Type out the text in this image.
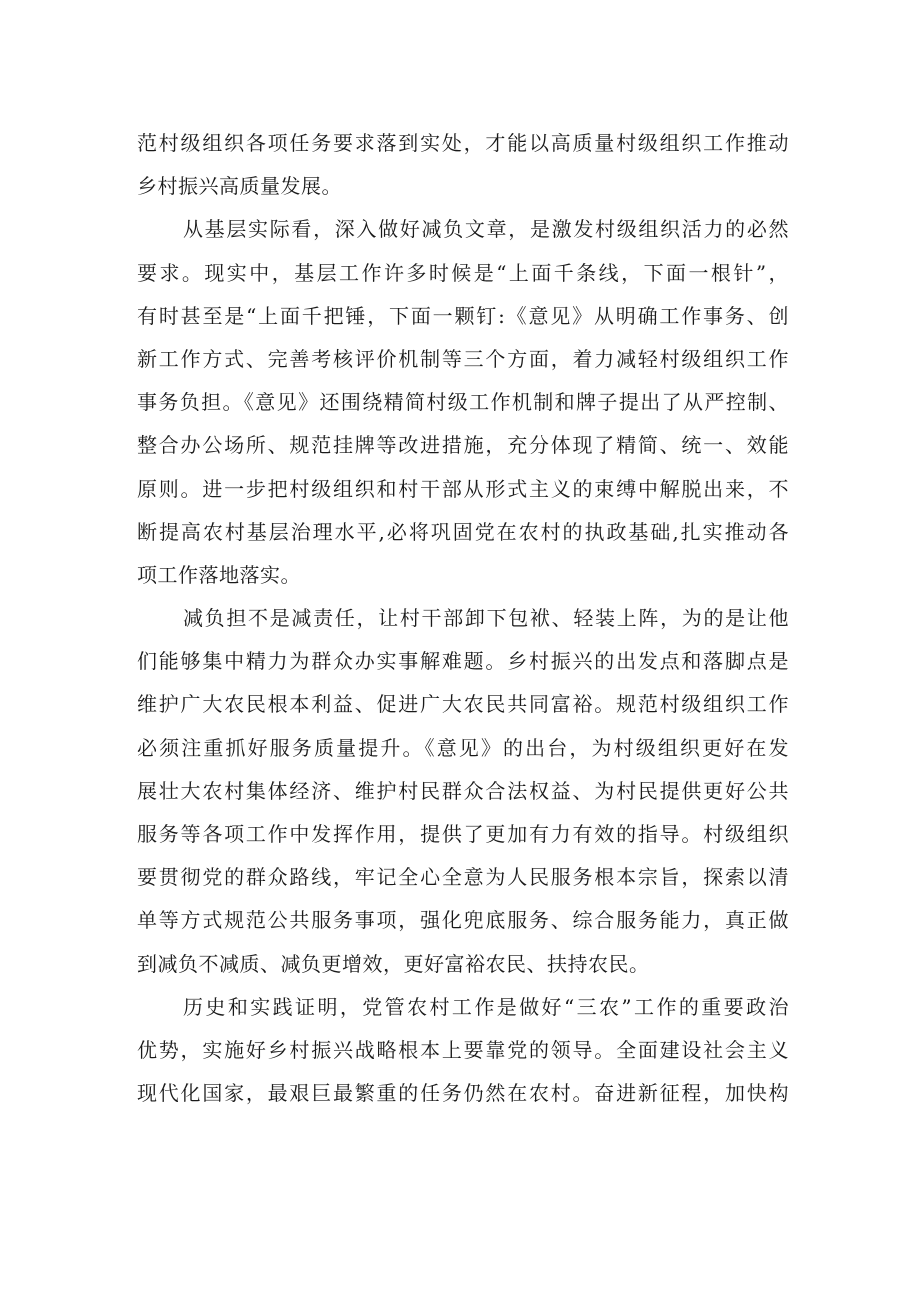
范村级组织各项任务要求落到实处，才能以高质量村级组织工作推动
乡村振兴高质量发展。
从基层实际看，深入做好减负文章，是激发村级组织活力的必然
要求。现实中，基层工作许多时候是“上面千条线，下面一根针”，
有时甚至是“上面千把锤，下面一颗钉:《意见》从明确工作事务、创
新工作方式、完善考核评价机制等三个方面，着力减轻村级组织工作
事务负担。《意见》还围绕精简村级工作机制和牌子提出了从严控制、
整合办公场所、规范挂牌等改进措施，充分体现了精简、统一、效能
原则。进一步把村级组织和村干部从形式主义的束缚中解脱出来，不
断提高农村基层治理水平,必将巩固党在农村的执政基础,扎实推动各
项工作落地落实。
减负担不是减责任，让村干部卸下包袱、轻装上阵，为的是让他
们能够集中精力为群众办实事解难题。乡村振兴的出发点和落脚点是
维护广大农民根本利益、促进广大农民共同富裕。规范村级组织工作
必须注重抓好服务质量提升。《意见》的出台，为村级组织更好在发
展壮大农村集体经济、维护村民群众合法权益、为村民提供更好公共
服务等各项工作中发挥作用，提供了更加有力有效的指导。村级组织
要贯彻党的群众路线，牢记全心全意为人民服务根本宗旨，探索以清
单等方式规范公共服务事项，强化兜底服务、综合服务能力，真正做
到减负不减质、减负更增效，更好富裕农民、扶持农民。
历史和实践证明，党管农村工作是做好“三农”工作的重要政治
优势，实施好乡村振兴战略根本上要靠党的领导。全面建设社会主义
现代化国家，最艰巨最繁重的任务仍然在农村。奋进新征程，加快构
